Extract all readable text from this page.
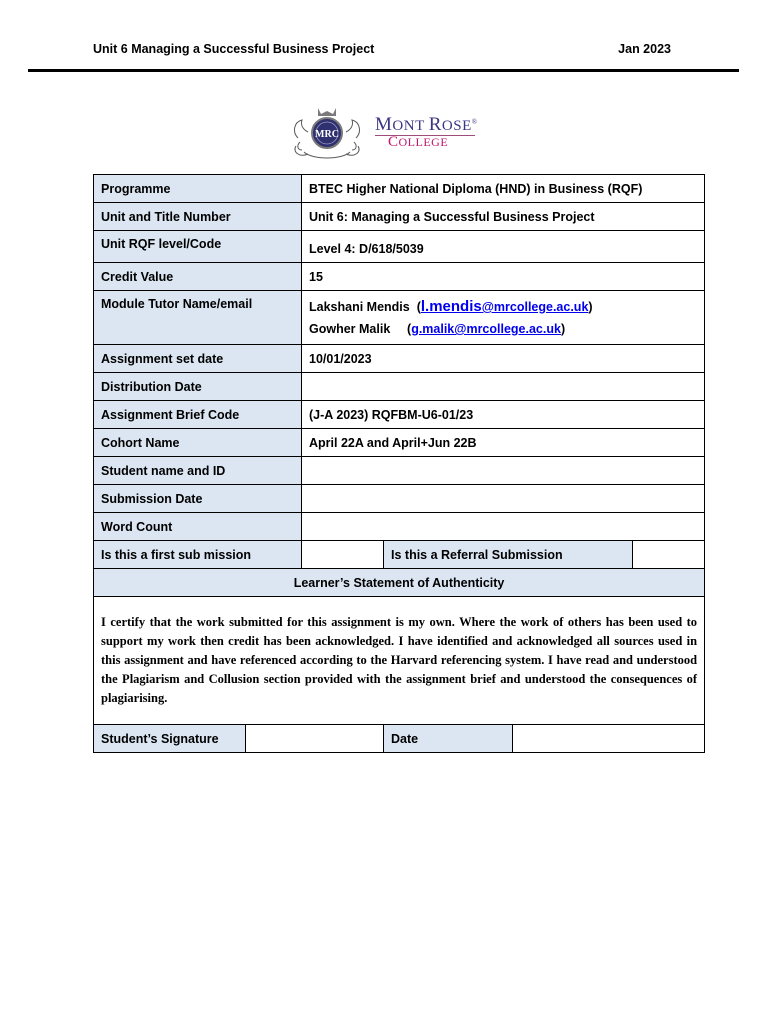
Unit 6 Managing a Successful Business Project	Jan 2023
MRC MONT ROSE®
COLLEGE
Programme		BTEC Higher National Diploma (HND) in Business (RQF)			
Unit and Title Number		Unit 6: Managing a Successful Business Project			
Unit RQF level/Code		Level 4: D/618/5039			
Credit Value		15			
Module Tutor Name/email		Lakshani Mendis  (l.mendis@mrcollege.ac.uk)
Gowher Malik (g.malik@mrcollege.ac.uk)			

Assignment set date		10/01/2023			
Distribution Date					
Assignment Brief Code		(J-A 2023) RQFBM-U6-01/23			
Cohort Name		April 22A and April+Jun 22B			
Student name and ID					
Submission Date					
Word Count					
Is this a first sub mission			Is this a Referral Submission		
Learner’s Statement of Authenticity					
I certify that the work submitted for this assignment is my own. Where the work of others has been used to support my work then credit has been acknowledged. I have identified and acknowledged all sources used in this assignment and have referenced according to the Harvard referencing system. I have read and understood the Plagiarism and Collusion section provided with the assignment brief and understood the consequences of plagiarising.					
Student’s Signature			Date		
